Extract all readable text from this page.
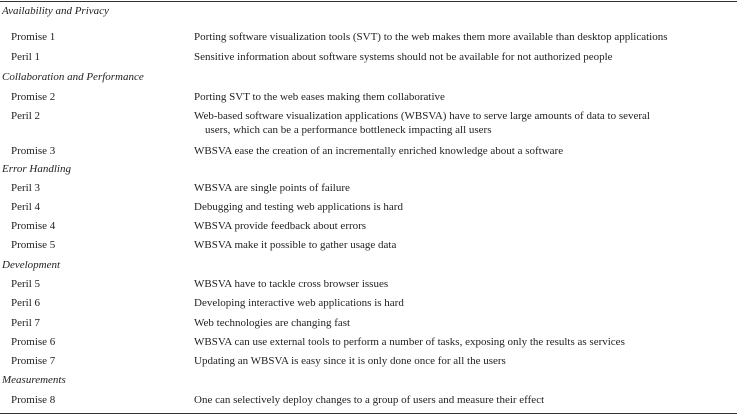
Availability and Privacy
Promise 1	Porting software visualization tools (SVT) to the web makes them more available than desktop applications
Peril 1	Sensitive information about software systems should not be available for not authorized people
Collaboration and Performance
Promise 2	Porting SVT to the web eases making them collaborative
Peril 2	Web-based software visualization applications (WBSVA) have to serve large amounts of data to several
users, which can be a performance bottleneck impacting all users
Promise 3	WBSVA ease the creation of an incrementally enriched knowledge about a software
Error Handling
Peril 3	WBSVA are single points of failure
Peril 4	Debugging and testing web applications is hard
Promise 4	WBSVA provide feedback about errors
Promise 5	WBSVA make it possible to gather usage data
Development
Peril 5	WBSVA have to tackle cross browser issues
Peril 6	Developing interactive web applications is hard
Peril 7	Web technologies are changing fast
Promise 6	WBSVA can use external tools to perform a number of tasks, exposing only the results as services
Promise 7	Updating an WBSVA is easy since it is only done once for all the users
Measurements
Promise 8	One can selectively deploy changes to a group of users and measure their effect
